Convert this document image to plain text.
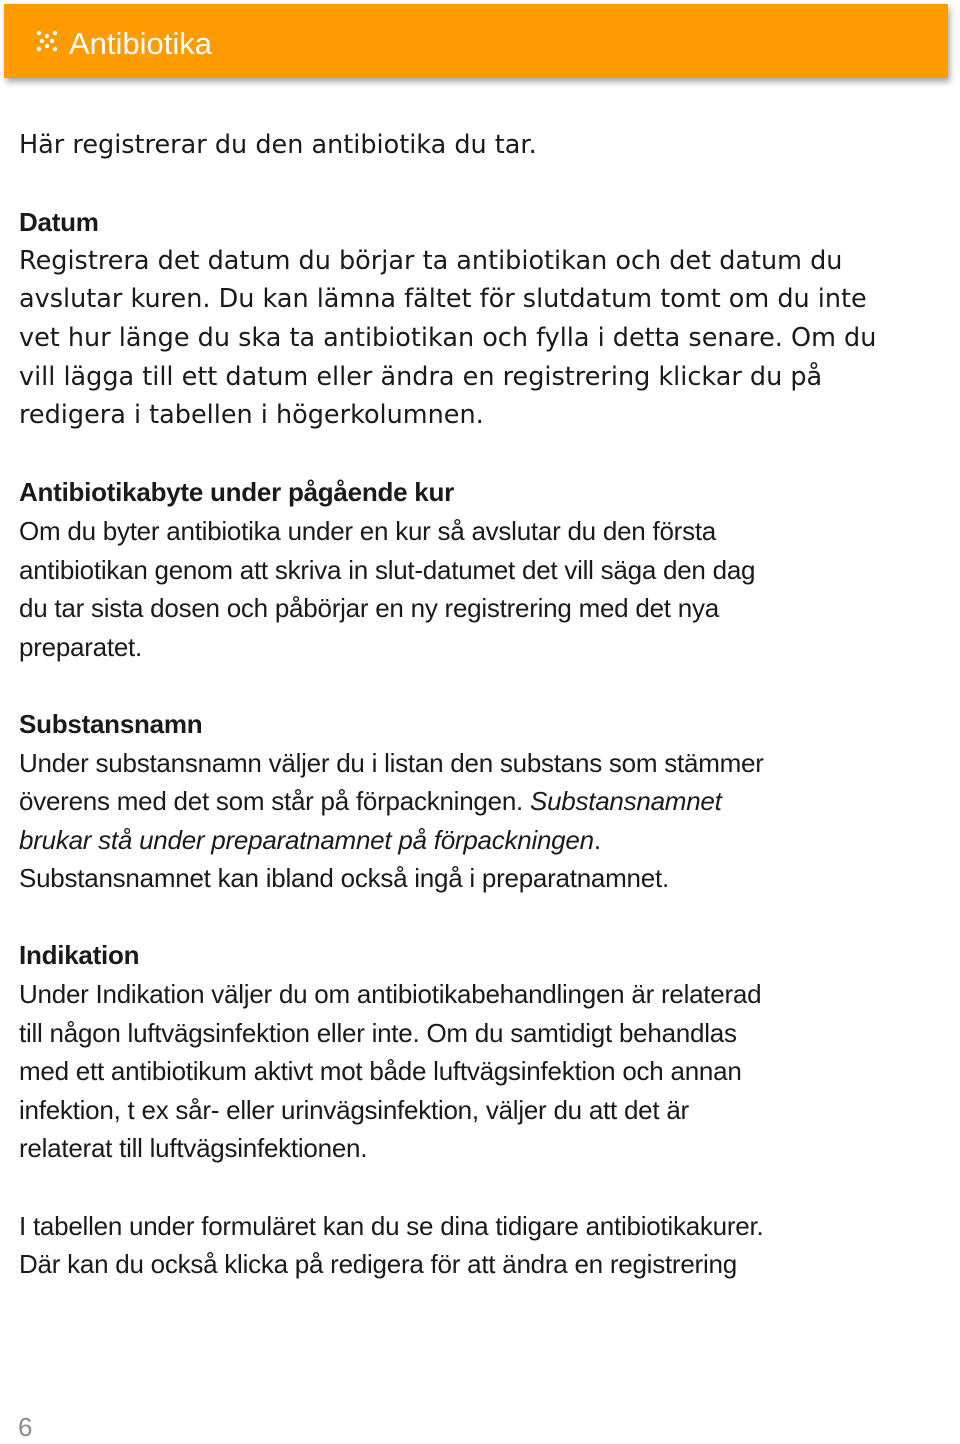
Antibiotika
Här registrerar du den antibiotika du tar.
Datum
Registrera det datum du börjar ta antibiotikan och det datum du
avslutar kuren. Du kan lämna fältet för slutdatum tomt om du inte
vet hur länge du ska ta antibiotikan och fylla i detta senare. Om du
vill lägga till ett datum eller ändra en registrering klickar du på
redigera i tabellen i högerkolumnen.
Antibiotikabyte under pågående kur
Om du byter antibiotika under en kur så avslutar du den första
antibiotikan genom att skriva in slut-datumet det vill säga den dag
du tar sista dosen och påbörjar en ny registrering med det nya
preparatet.
Substansnamn
Under substansnamn väljer du i listan den substans som stämmer
överens med det som står på förpackningen. Substansnamnet
brukar stå under preparatnamnet på förpackningen.
Substansnamnet kan ibland också ingå i preparatnamnet.
Indikation
Under Indikation väljer du om antibiotikabehandlingen är relaterad
till någon luftvägsinfektion eller inte. Om du samtidigt behandlas
med ett antibiotikum aktivt mot både luftvägsinfektion och annan
infektion, t ex sår- eller urinvägsinfektion, väljer du att det är
relaterat till luftvägsinfektionen.
I tabellen under formuläret kan du se dina tidigare antibiotikakurer.
Där kan du också klicka på redigera för att ändra en registrering
6
